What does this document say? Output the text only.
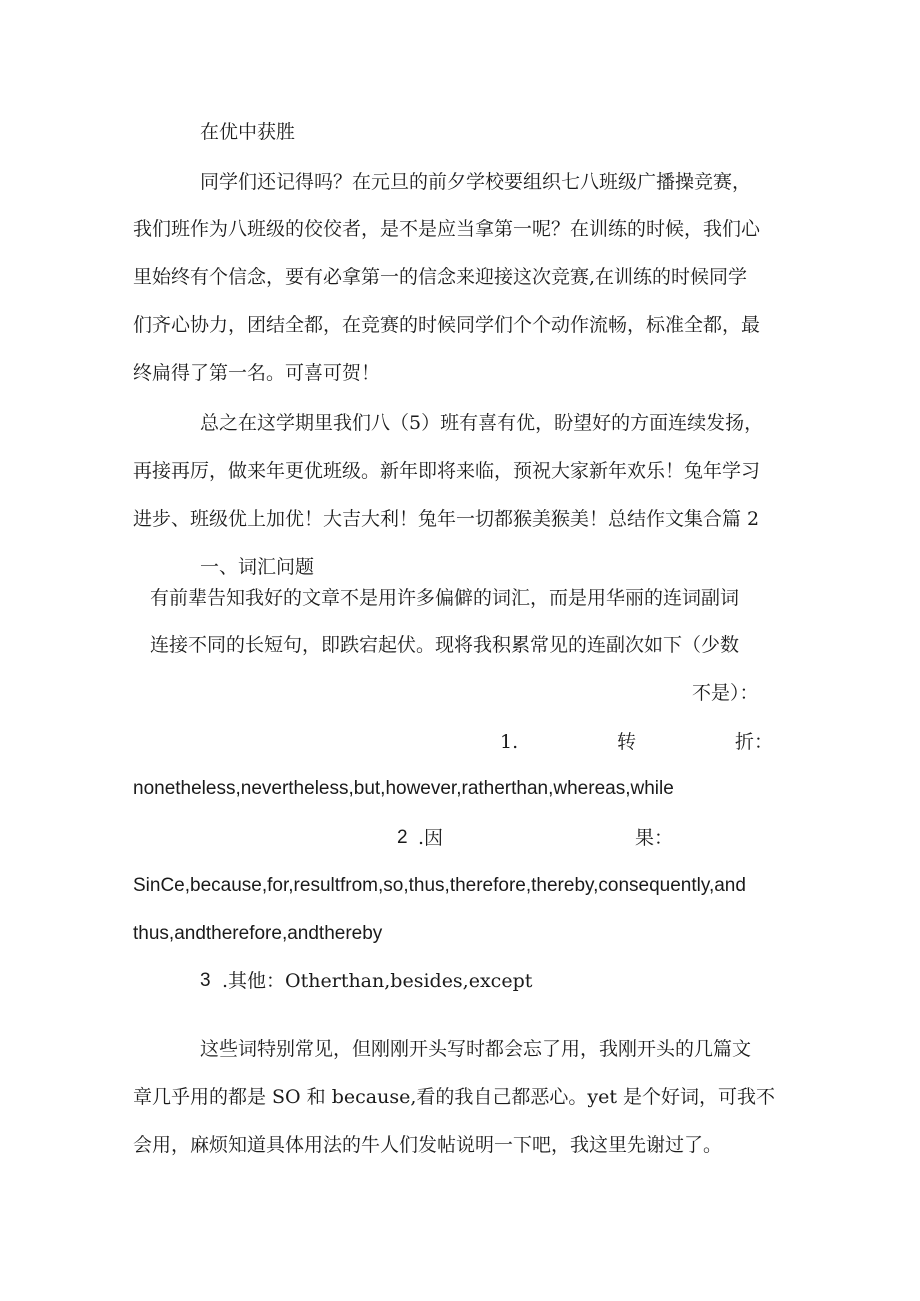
在优中获胜
同学们还记得吗？在元旦的前夕学校要组织七八班级广播操竞赛，
我们班作为八班级的佼佼者，是不是应当拿第一呢？在训练的时候，我们心
里始终有个信念，要有必拿第一的信念来迎接这次竞赛,在训练的时候同学
们齐心协力，团结全都，在竞赛的时候同学们个个动作流畅，标准全都，最
终扁得了第一名。可喜可贺！
总之在这学期里我们八（5）班有喜有优，盼望好的方面连续发扬，
再接再厉，做来年更优班级。新年即将来临，预祝大家新年欢乐！兔年学习
进步、班级优上加优！大吉大利！兔年一切都猴美猴美！总结作文集合篇 2
一、词汇问题
有前辈告知我好的文章不是用许多偏僻的词汇，而是用华丽的连词副词
连接不同的长短句，即跌宕起伏。现将我积累常见的连副次如下（少数
不是）：
1.	转	折：
nonetheless,nevertheless,but,however,ratherthan,whereas,while
2 .因	果：
SinCe,because,for,resultfrom,so,thus,therefore,thereby,consequently,and
thus,andtherefore,andthereby
3 .其他：Otherthan,besides,except
这些词特别常见，但刚刚开头写时都会忘了用，我刚开头的几篇文
章几乎用的都是 SO 和 because,看的我自己都恶心。yet 是个好词，可我不
会用，麻烦知道具体用法的牛人们发帖说明一下吧，我这里先谢过了。
